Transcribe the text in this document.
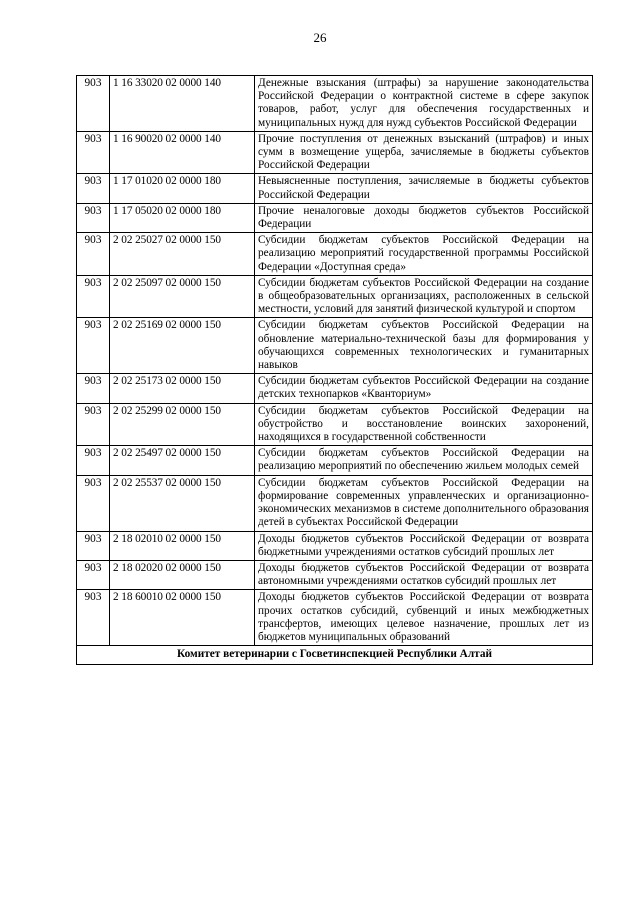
26
903	1 16 33020 02 0000 140	Денежные взыскания (штрафы) за нарушение законодательства Российской Федерации о контрактной системе в сфере закупок товаров, работ, услуг для обеспечения государственных и муниципальных нужд для нужд субъектов Российской Федерации
903	1 16 90020 02 0000 140	Прочие поступления от денежных взысканий (штрафов) и иных сумм в возмещение ущерба, зачисляемые в бюджеты субъектов Российской Федерации
903	1 17 01020 02 0000 180	Невыясненные поступления, зачисляемые в бюджеты субъектов Российской Федерации
903	1 17 05020 02 0000 180	Прочие неналоговые доходы бюджетов субъектов Российской Федерации
903	2 02 25027 02 0000 150	Субсидии бюджетам субъектов Российской Федерации на реализацию мероприятий государственной программы Российской Федерации «Доступная среда»
903	2 02 25097 02 0000 150	Субсидии бюджетам субъектов Российской Федерации на создание в общеобразовательных организациях, расположенных в сельской местности, условий для занятий физической культурой и спортом
903	2 02 25169 02 0000 150	Субсидии бюджетам субъектов Российской Федерации на обновление материально-технической базы для формирования у обучающихся современных технологических и гуманитарных навыков
903	2 02 25173 02 0000 150	Субсидии бюджетам субъектов Российской Федерации на создание детских технопарков «Кванториум»
903	2 02 25299 02 0000 150	Субсидии бюджетам субъектов Российской Федерации на обустройство и восстановление воинских захоронений, находящихся в государственной собственности
903	2 02 25497 02 0000 150	Субсидии бюджетам субъектов Российской Федерации на реализацию мероприятий по обеспечению жильем молодых семей
903	2 02 25537 02 0000 150	Субсидии бюджетам субъектов Российской Федерации на формирование современных управленческих и организационно-экономических механизмов в системе дополнительного образования детей в субъектах Российской Федерации
903	2 18 02010 02 0000 150	Доходы бюджетов субъектов Российской Федерации от возврата бюджетными учреждениями остатков субсидий прошлых лет
903	2 18 02020 02 0000 150	Доходы бюджетов субъектов Российской Федерации от возврата автономными учреждениями остатков субсидий прошлых лет
903	2 18 60010 02 0000 150	Доходы бюджетов субъектов Российской Федерации от возврата прочих остатков субсидий, субвенций и иных межбюджетных трансфертов, имеющих целевое назначение, прошлых лет из бюджетов муниципальных образований
Комитет ветеринарии с Госветинспекцией Республики Алтай		
